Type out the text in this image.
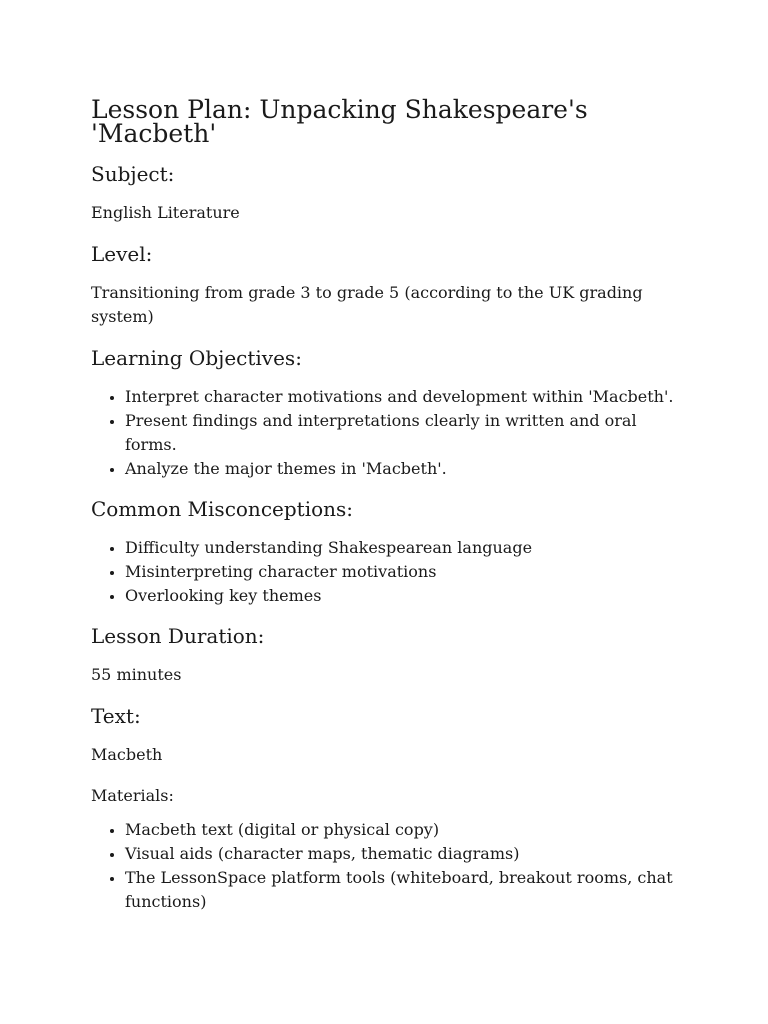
Lesson Plan: Unpacking Shakespeare's 'Macbeth'
Subject:

English Literature

Level:

Transitioning from grade 3 to grade 5 (according to the UK grading system)

Learning Objectives:
• Interpret character motivations and development within 'Macbeth'.
• Present findings and interpretations clearly in written and oral forms.
• Analyze the major themes in 'Macbeth'.
Common Misconceptions:
• Difficulty understanding Shakespearean language
• Misinterpreting character motivations
• Overlooking key themes
Lesson Duration:

55 minutes

Text:

Macbeth

Materials:

• Macbeth text (digital or physical copy)
• Visual aids (character maps, thematic diagrams)
• The LessonSpace platform tools (whiteboard, breakout rooms, chat functions)
